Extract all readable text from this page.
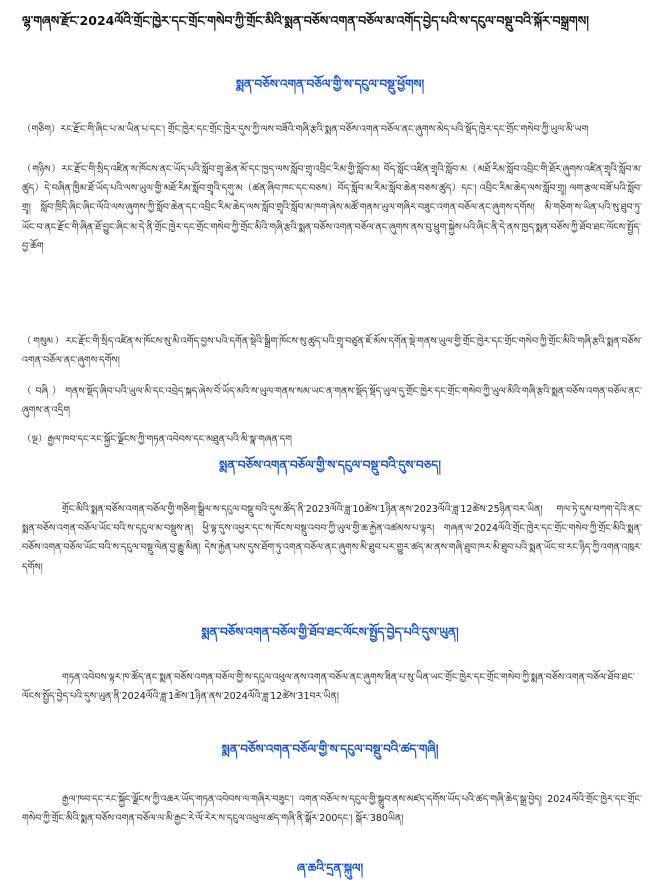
ལྷ་གཞས་རྫོང་2024ལོའི་གྲོང་ཁྱེར་དང་གྲོང་གསེབ་ཀྱི་གྲོང་མིའི་སྨན་བཅོས་འགན་བཅོལ་མ་འགོད་བྱེད་པའི་ས་དངུལ་བསྡུ་བའི་སྐོར་བསྒྲགས།
སྨན་བཅོས་འགན་བཅོལ་གྱི་ས་དངུལ་བསྡུ་ཕྱོགས།
（གཅིག）རང་རྫོང་གི་ཞིང་པ་མ་ཡིན་པ་དང་། གྲོང་ཁྱེར་དང་གྲོང་ཁྱེར་དུས་ཀྱི་ལས་བཟོའི་གཞི་རྩའི་སྨན་བཅོས་འགན་བཅོལ་ནང་ཞུགས་མེད་པའི་སྡོད་ཁྱེར་དང་གྲོང་གསེབ་ཀྱི་ཡུལ་མི་ཡག
（གཉིས）རང་རྫོང་གི་སྲིད་འཛིན་ས་ཁོངས་ནང་ཡོད་པའི་སློབ་གྲྭ་ཆེན་མོ་དང་ཁྱད་ལས་སློབ་གྲྭ་འབྲིང་རིམ་གྱི་སློབ་མ། བོད་སློང་འཛིན་གྲྭའི་སློབ་མ（མཐོ་རིམ་སློབ་འབྲིང་གི་ཐོར་ཞུགས་འཛིན་གྲྭའི་སློབ་མ་ཚུད）དེ་བཞིན་ཁྱིམ་ཐོ་ཡོད་པའི་ལས་ཡུལ་གྱི་མཐོ་རིམ་སློབ་གྲྭའི་དགུ་མ（ཚན་ཞིབ་ཁང་དང་བཅས）བོད་སློབ་མ་རིམ་སློབ་ཆེན་བཅས་ཚུད）དང་། འབྲིང་རིམ་ཆེད་ལས་སློབ་གྲྭ། ལག་རྩལ་བཟོ་པའི་སློབ་གྲྭ། སློབ་ཁྲིདི་ཞིང་ཞིང་ལོའི་ལས་ཞུགས་ཀྱི་སློབ་ཆེན་དང་འབྲིང་རིམ་ཆེད་ལས་སློབ་གྲྭའི་སློབ་མ་ཁག་ཞེས་མཚོ་གནས་ཡུལ་གཞིར་བཟུང་འགན་བཅོལ་ནང་ཞུགས་དགོས། མི་གཅིག་ས་ཡིན་པའི་སུ་ཐུབ་ཏུ་ཡོང་བ་ནང་རྫོང་གི་ཞིན་ཐོ་བྱུང་ཞིང་མ་དེ་ནི་གྲོང་ཁྱེར་དང་གྲོང་གསེབ་ཀྱི་གྲོང་མིའི་གཞི་རྩའི་སྨན་བཅོས་འགན་བཅོལ་ནང་ཞུགས་ནས་བུ་ཕྲུག་སྐྱེས་པའི་ཞིང་ནི་དེ་ནས་ཁྱད་སྨན་བཅོས་ཀྱི་ཐོབ་ཐང་ལོངས་སྤྱོད་བྱ་ཆོག
（གསུམ）རང་རྫོང་གི་སྲིད་འཛིན་ས་ཁོངས་སུ་མི་འགོད་བྱས་པའི་དགོན་སྡེའི་སྒྲིག་ཁོངས་སུ་ཚུད་པའི་གྲྭ་བཙུན་ཇོ་མོས་དགོན་སྡེ་གནས་ཡུལ་གྱི་གྲོང་ཁྱེར་དང་གྲོང་གསེབ་ཀྱི་གྲོང་མིའི་གཞི་རྩའི་སྨན་བཅོས་འགན་བཅོལ་ནང་ཞུགས་དགོས།
（བཞི）གནས་སྡོད་ཞིབ་པའི་ཡུལ་མི་དང་འབྲེད་སྐད་ཞེས་བོ་ཡོད་མའི་ས་ཡུལ་གནས་སམ་ཡང་ན་གནས་སྡོད་སྡོད་ཡུལ་དུ་གྲོང་ཁྱེར་དང་གྲོང་གསེབ་ཀྱི་ཡུལ་མིའི་གཞི་རྩའི་སྨན་བཅོས་འགན་བཅོལ་ནང་ཞུགས་ན་འདྲིག
（ལྔ）རྒྱལ་ཁབ་དང་རང་སྐྱོང་ལྗོངས་ཀྱི་གཏན་འབེབས་དང་མཐུན་པའི་མི་སྣ་གཞན་དག
སྨན་བཅོས་འགན་བཅོལ་གྱི་ས་དངུལ་བསྡུ་བའི་དུས་བཅད།
གྲོང་མིའི་སྨན་བཅོས་འགན་བཅོལ་གྱི་གཅིག་སྒྲིལ་ས་དངུལ་བསྡུ་བའི་དུས་ཚོད་ནི་2023ལོའི་ཟླ་10ཚེས་1ཉིན་ནས་2023ལོའི་ཟླ་12ཚེས་25ཉིན་བར་ཡིན། གལ་ཏེ་དུས་བཀག་དེའི་ནང་སྨན་བཅོས་འགན་བཅོལ་ཡོང་བའི་ས་དངུལ་མ་བསྡུས་ན། ཕྱི་ལྟ་དུས་འཕྱར་དང་ས་ཁོངས་བསྡུ་འབབ་ཀྱི་ཡུལ་གྱི་ཆ་རྐྱེན་འཚམས་པ་ལྟར། གཞན་ལ་2024ལོའི་གྲོང་ཁྱེར་དང་གྲོང་གསེབ་ཀྱི་གྲོང་མིའི་སྨན་བཅོས་འགན་བཅོལ་ཡོང་བའི་ས་དངུལ་བསྡུ་ལེན་བྱ་རྒྱུ་མིན། དེས་རྐྱེན་པས་དུས་ཐོག་ཏུ་འགན་བཅོལ་ནང་ཞུགས་མི་ཐུབ་པར་གྱུར་ཚད་མ་ནས་གཞི་ཐུབ་ཁར་མི་ཐུབ་པའི་སྨན་ཡོང་བ་རང་ཉིད་ཀྱི་འགན་འཁུར་དགོས།
སྨན་བཅོས་འགན་བཅོལ་གྱི་ཐོབ་ཐང་ལོངས་སྤྱོད་བྱེད་པའི་དུས་ཡུན།
གཏན་འབེབས་ལྟར་ཁ་ཚོད་ནང་སྨན་བཅོས་འགན་བཅོལ་གྱི་ས་དངུལ་འཕུལ་ནས་འགན་བཅོལ་ནང་ཞུགས་ཟིན་པ་སུ་ཡིན་ཡང་གྲོང་ཁྱེར་དང་གྲོང་གསེབ་ཀྱི་སྨན་བཅོས་འགན་བཅོལ་ཐོབ་ཐང་ལོངས་སྤྱོད་བྱེད་པའི་དུས་ཡུན་ནི་2024ལོའི་ཟླ་1ཚེས་1ཉིན་ནས་2024ལོའི་ཟླ་12ཚེས་31བར་ཡིན།
སྨན་བཅོས་འགན་བཅོལ་གྱི་ས་དངུལ་བསྡུ་བའི་ཚད་གཞི།
རྒྱལ་ཁབ་དང་རང་སྐྱོང་ལྗོངས་ཀྱི་འཆར་ཡོད་གཏན་འབེབས་ལ་གཞིར་བཟུང་། འགན་བཅོལ་ས་དངུལ་གྱི་སྒྲུབ་ནས་མཛད་དགོས་ཡོད་པའི་ཚད་གཞི་ཆེད་སྒྲ་བྱེད། 2024ལོའི་གྲོང་ཁྱེར་དང་གྲོང་གསེབ་ཀྱི་གྲོང་མིའི་སྨན་བཅོས་འགན་བཅོལ་ལ་མི་རྒྱང་རེ་ལོ་རེར་ས་དངུལ་འཕུལ་ཚད་གཞི་ནི་སྒོར་200དང་། སྒོར་380ཡིན།
ཞ་ཆའི་དྲན་སྐུལ།
